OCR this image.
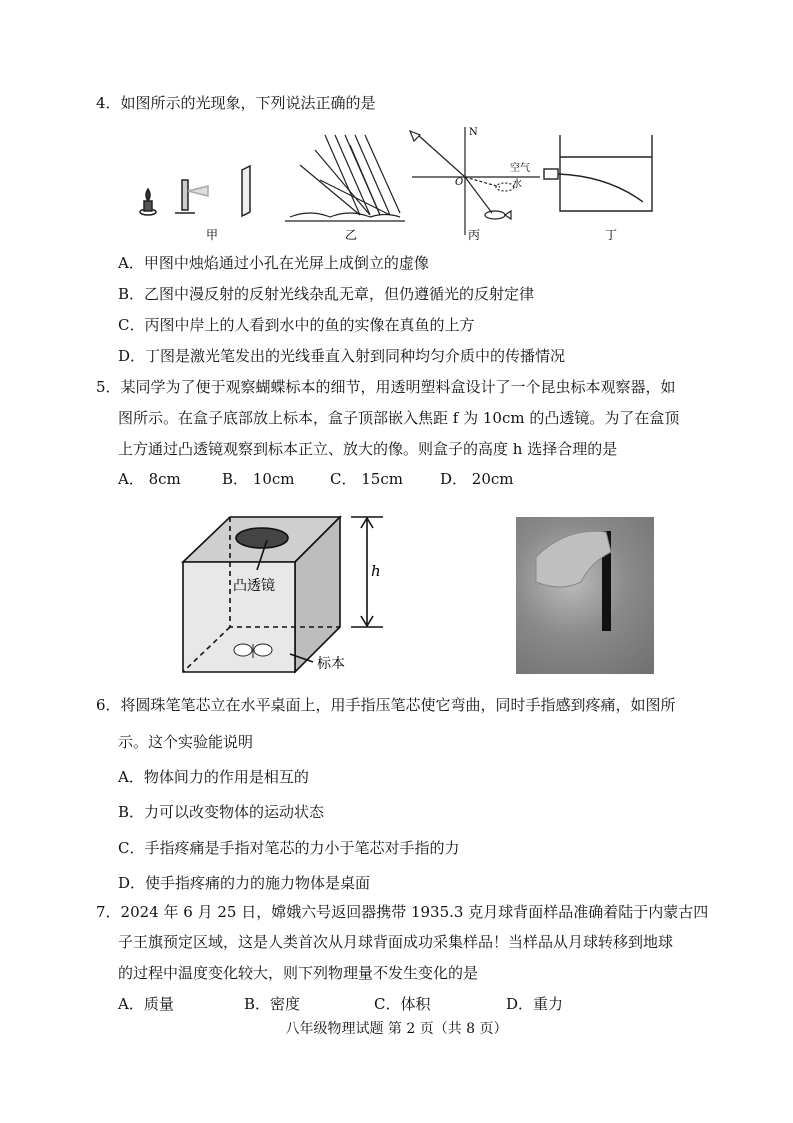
4．如图所示的光现象，下列说法正确的是
甲	乙	丙	丁
N
O
空气
水
A．甲图中烛焰通过小孔在光屏上成倒立的虚像
B．乙图中漫反射的反射光线杂乱无章，但仍遵循光的反射定律
C．丙图中岸上的人看到水中的鱼的实像在真鱼的上方
D．丁图是激光笔发出的光线垂直入射到同种均匀介质中的传播情况
5．某同学为了便于观察蝴蝶标本的细节，用透明塑料盒设计了一个昆虫标本观察器，如
图所示。在盒子底部放上标本，盒子顶部嵌入焦距 f 为 10cm 的凸透镜。为了在盒顶
上方通过凸透镜观察到标本正立、放大的像。则盒子的高度 h 选择合理的是
A． 8cm	B． 10cm C． 15cm D． 20cm
凸透镜
标本
h
6．将圆珠笔笔芯立在水平桌面上，用手指压笔芯使它弯曲，同时手指感到疼痛，如图所
示。这个实验能说明
A．物体间力的作用是相互的
B．力可以改变物体的运动状态
C．手指疼痛是手指对笔芯的力小于笔芯对手指的力
D．使手指疼痛的力的施力物体是桌面
7．2024 年 6 月 25 日，嫦娥六号返回器携带 1935.3 克月球背面样品准确着陆于内蒙古四
子王旗预定区域，这是人类首次从月球背面成功采集样品！当样品从月球转移到地球
的过程中温度变化较大，则下列物理量不发生变化的是
A．质量	B．密度	C．体积	D．重力
八年级物理试题 第 2 页（共 8 页）
